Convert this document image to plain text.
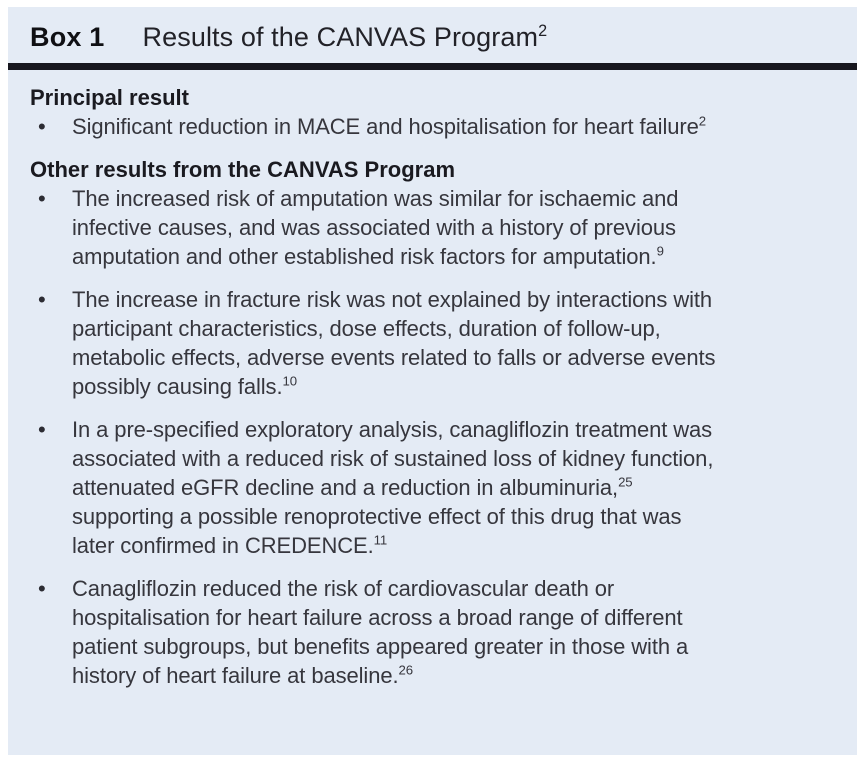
Box 1 Results of the CANVAS Program$^2$
Principal result
•	Significant reduction in MACE and hospitalisation for heart failure$^2$
Other results from the CANVAS Program
•	The increased risk of amputation was similar for ischaemic and
infective causes, and was associated with a history of previous
amputation and other established risk factors for amputation.$^9$
•	The increase in fracture risk was not explained by interactions with
participant characteristics, dose effects, duration of follow-up,
metabolic effects, adverse events related to falls or adverse events
possibly causing falls.$^{10}$
•	In a pre-specified exploratory analysis, canagliflozin treatment was
associated with a reduced risk of sustained loss of kidney function,
attenuated eGFR decline and a reduction in albuminuria,$^{25}$
supporting a possible renoprotective effect of this drug that was
later confirmed in CREDENCE.$^{11}$
•	Canagliflozin reduced the risk of cardiovascular death or
hospitalisation for heart failure across a broad range of different
patient subgroups, but benefits appeared greater in those with a
history of heart failure at baseline.$^{26}$
